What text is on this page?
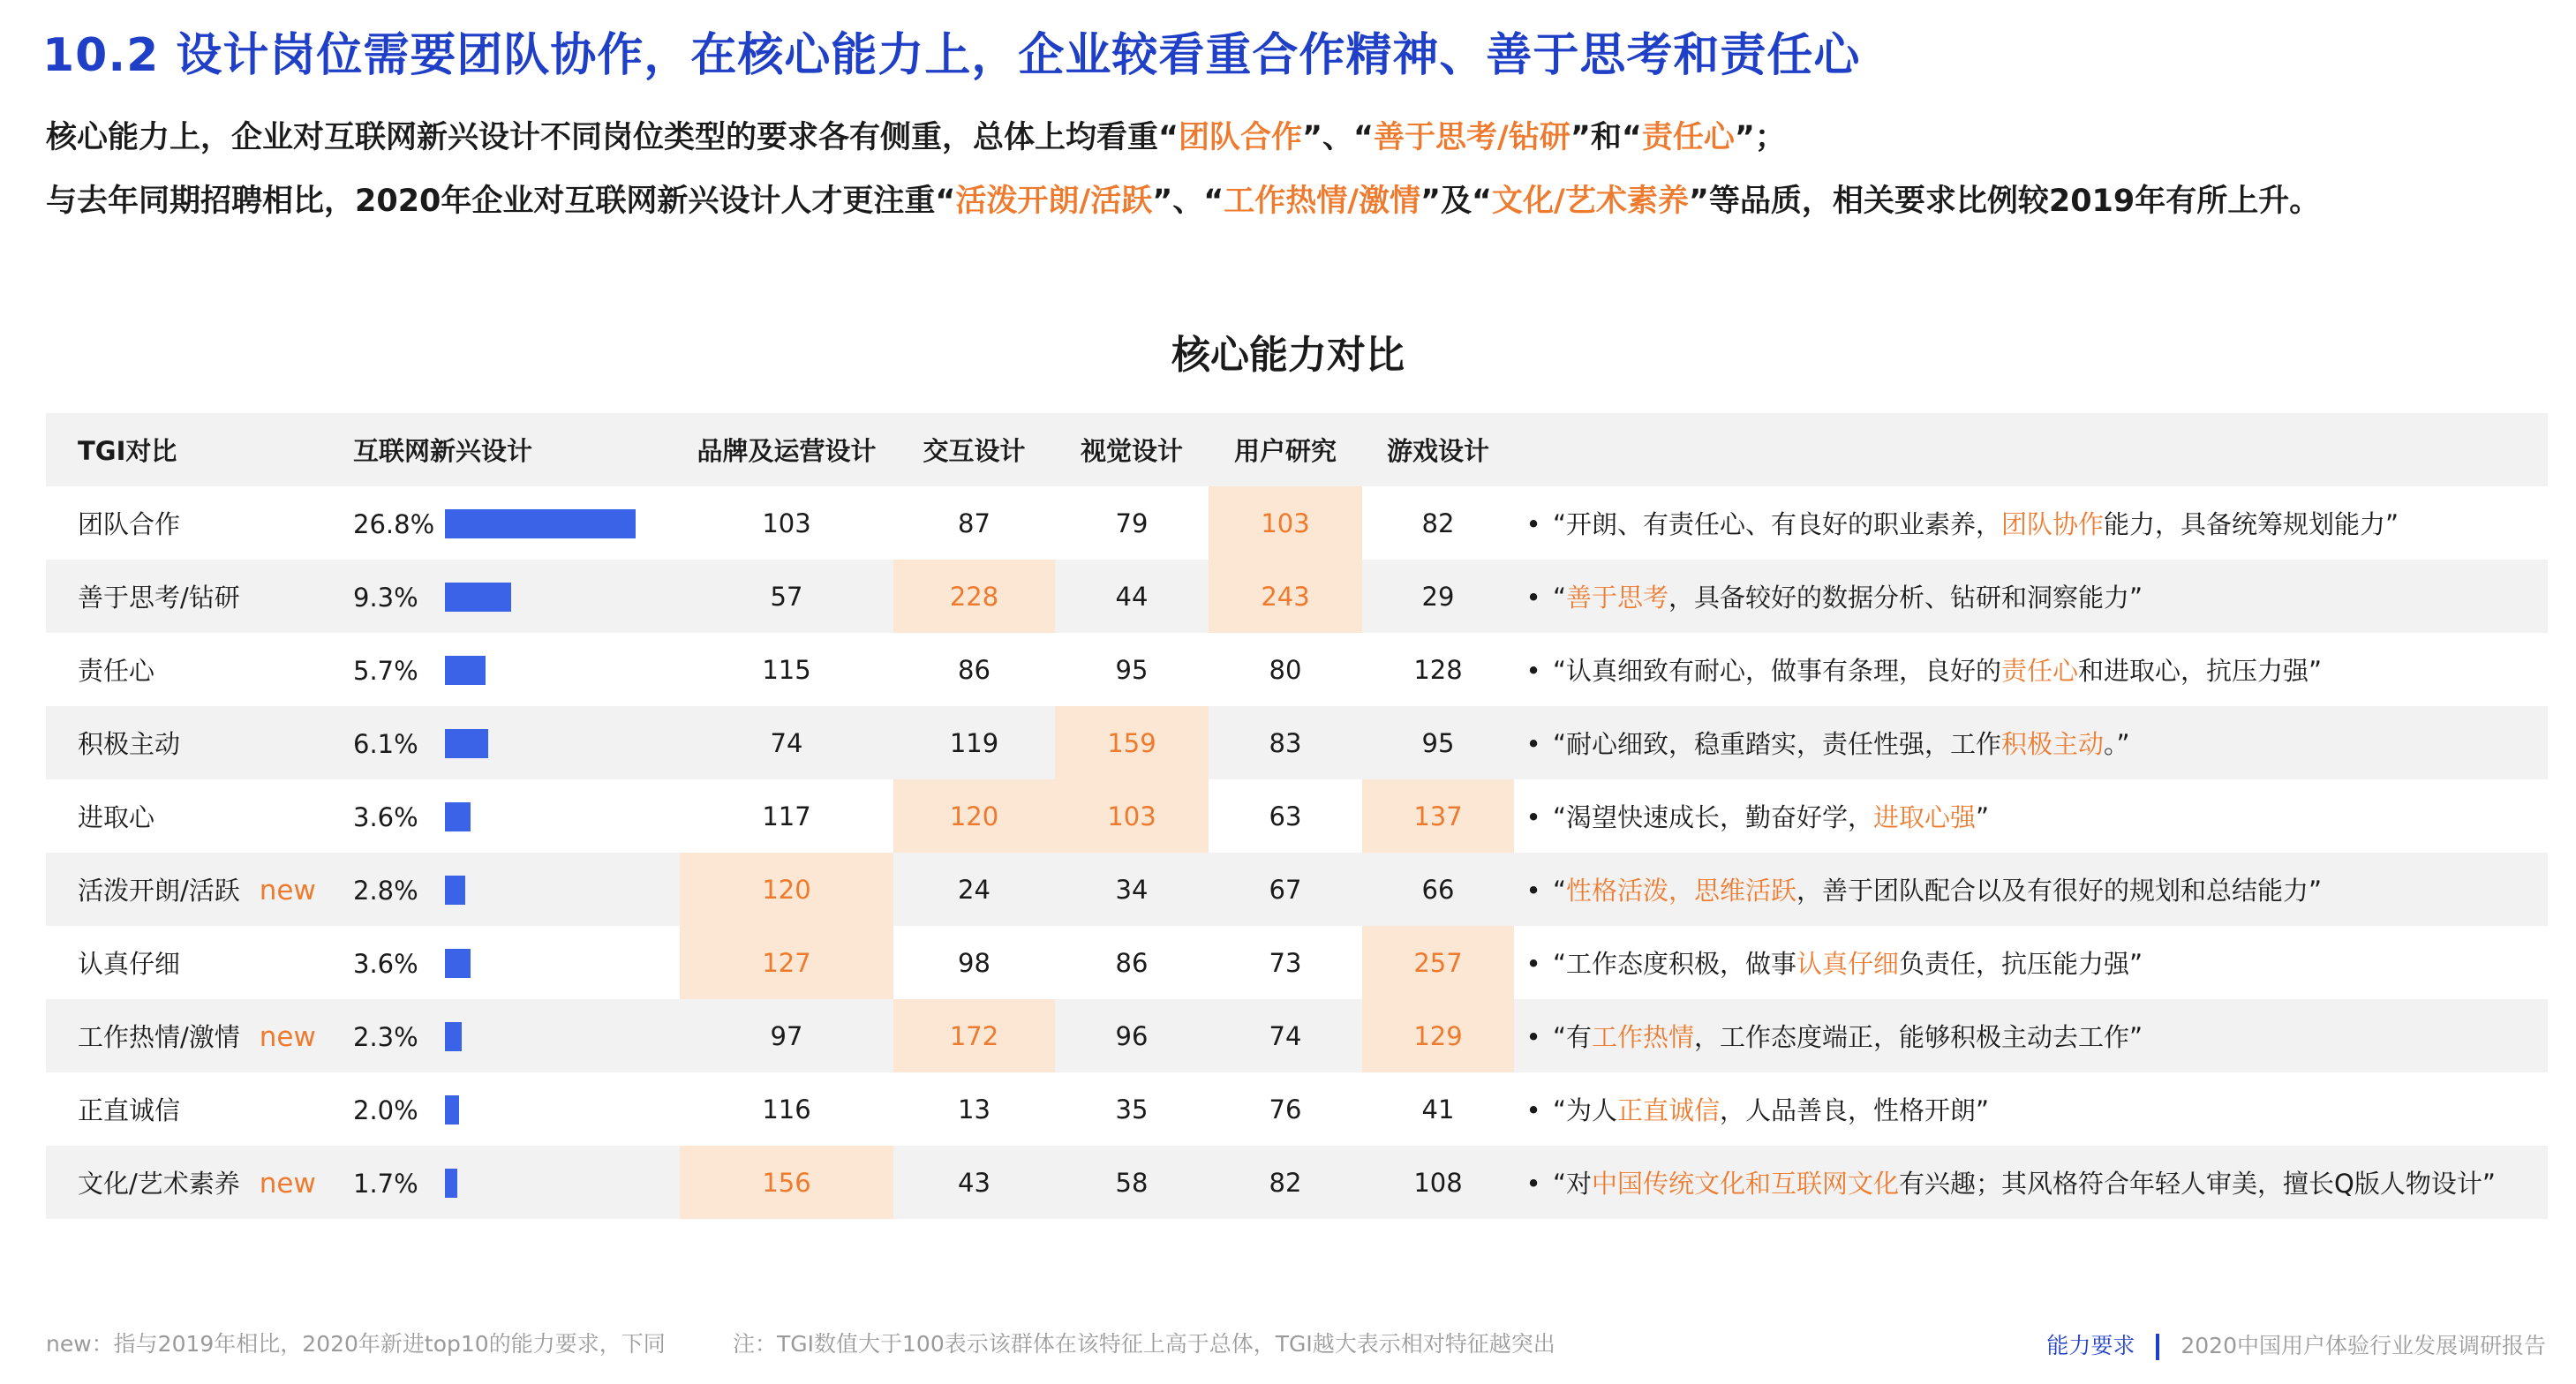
10.2 设计岗位需要团队协作，在核心能力上，企业较看重合作精神、善于思考和责任心
核心能力上，企业对互联网新兴设计不同岗位类型的要求各有侧重，总体上均看重“团队合作”、“善于思考/钻研”和“责任心”；
与去年同期招聘相比，2020年企业对互联网新兴设计人才更注重“活泼开朗/活跃”、“工作热情/激情”及“文化/艺术素养”等品质，相关要求比例较2019年有所上升。
核心能力对比
TGI对比	互联网新兴设计	品牌及运营设计	交互设计	视觉设计	用户研究	游戏设计	
团队合作	26.8%	103	87	79	103	82	• “开朗、有责任心、有良好的职业素养，团队协作能力，具备统筹规划能力”
善于思考/钻研	9.3%	57	228	44	243	29	• “善于思考，具备较好的数据分析、钻研和洞察能力”
责任心	5.7%	115	86	95	80	128	• “认真细致有耐心，做事有条理，良好的责任心和进取心，抗压力强”
积极主动	6.1%	74	119	159	83	95	• “耐心细致，稳重踏实，责任性强，工作积极主动。”
进取心	3.6%	117	120	103	63	137	• “渴望快速成长，勤奋好学，进取心强”
活泼开朗/活跃 new	2.8%	120	24	34	67	66	• “性格活泼，思维活跃，善于团队配合以及有很好的规划和总结能力”
认真仔细	3.6%	127	98	86	73	257	• “工作态度积极，做事认真仔细负责任，抗压能力强”
工作热情/激情 new	2.3%	97	172	96	74	129	• “有工作热情，工作态度端正，能够积极主动去工作”
正直诚信	2.0%	116	13	35	76	41	• “为人正直诚信，人品善良，性格开朗”
文化/艺术素养 new	1.7%	156	43	58	82	108	• “对中国传统文化和互联网文化有兴趣；其风格符合年轻人审美，擅长Q版人物设计”
new：指与2019年相比，2020年新进top10的能力要求，下同	注：TGI数值大于100表示该群体在该特征上高于总体，TGI越大表示相对特征越突出	能力要求 2020中国用户体验行业发展调研报告
